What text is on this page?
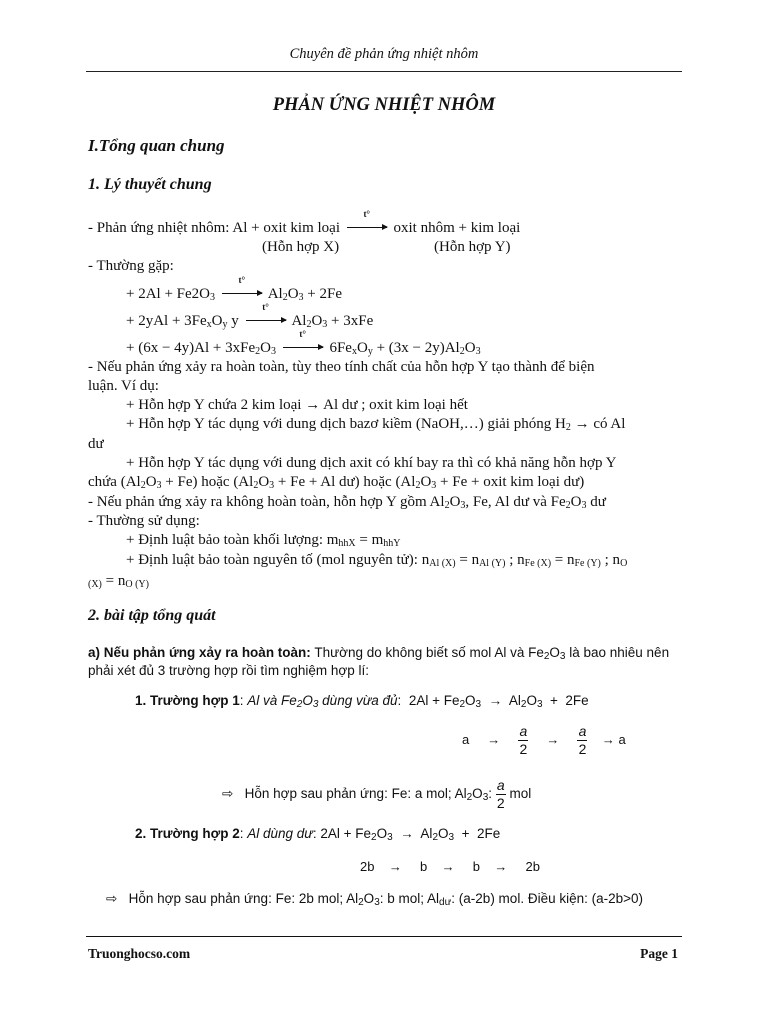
Chuyên đề phản ứng nhiệt nhôm
PHẢN ỨNG NHIỆT NHÔM
I.Tổng quan chung
1. Lý thuyết chung
- Phản ứng nhiệt nhôm: Al + oxit kim loại
t°
oxit nhôm + kim loại
(Hỗn hợp X)	(Hỗn hợp Y)
- Thường gặp:
+ $2Al + Fe2O_3$
t°
$Al_2O_3 + 2Fe$
+ $2yAl + 3Fe_xO_y$ y
t°
$Al_2O_3 + 3xFe$
+ $(6x - 4y)Al + 3xFe_2O_3$
t°
$6Fe_xO_y + (3x - 2y)Al_2O_3$
- Nếu phản ứng xảy ra hoàn toàn, tùy theo tính chất của hỗn hợp Y tạo thành để biện
luận. Ví dụ:
+ Hỗn hợp Y chứa 2 kim loại → Al dư ; oxit kim loại hết
+ Hỗn hợp Y tác dụng với dung dịch bazơ kiềm (NaOH,…) giải phóng $H_2$ → có Al
dư
+ Hỗn hợp Y tác dụng với dung dịch axit có khí bay ra thì có khả năng hỗn hợp Y
chứa $(Al_2O_3 + Fe)$ hoặc ($Al_2O_3 + Fe + Al$ dư) hoặc ($Al_2O_3 + Fe$ + oxit kim loại dư)
- Nếu phản ứng xảy ra không hoàn toàn, hỗn hợp Y gồm $Al_2O_3$, Fe, Al dư và $Fe_2O_3$ dư
- Thường sử dụng:
+ Định luật bảo toàn khối lượng: $m_{hhX} = m_{hhY}$
+ Định luật bảo toàn nguyên tố (mol nguyên tử): $n_{Al (X)} = n_{Al (Y)}$ ; $n_{Fe (X)} = n_{Fe (Y)}$ ; $n_O$
$_{(X)} = n_{O (Y)}$
2. bài tập tổng quát
a) Nếu phản ứng xảy ra hoàn toàn: Thường do không biết số mol Al và $Fe_2O_3$ là bao nhiêu nên
phải xét đủ 3 trường hợp rồi tìm nghiệm hợp lí:
1. Trường hợp 1: Al và $Fe_2O_3$ dùng vừa đủ:  $2Al + Fe_2O_3 \to Al_2O_3 + 2Fe$
a     → $\frac{a}{2} \to \frac{a}{2} \to a$
⇨ Hỗn hợp sau phản ứng: Fe: a mol; $Al_2O_3$: $\frac{a}{2}$ mol
2. Trường hợp 2: Al dùng dư: $2Al + Fe_2O_3 \to Al_2O_3 + 2Fe$
2b    →     b    →     b    →     2b
⇨ Hỗn hợp sau phản ứng: Fe: 2b mol; $Al_2O_3$: b mol; $Al_{dư}$: (a-2b) mol. Điều kiện: (a-2b>0)
Truonghocso.com	Page 1
